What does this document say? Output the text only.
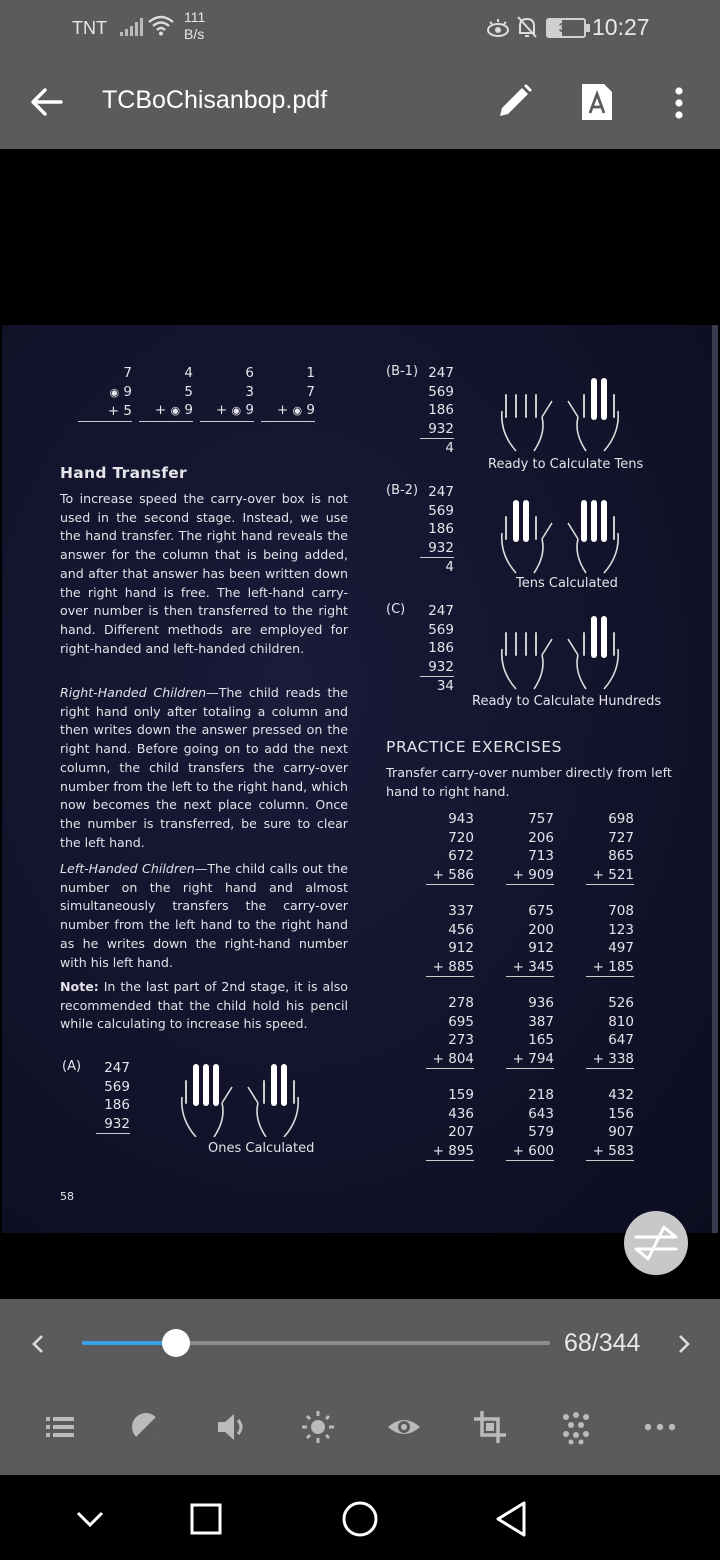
TNT
111
B/s	39 10:27
TCBoChisanbop.pdf
7
◉ 9
+ 5
4
5
+ ◉ 9
6
3
+ ◉ 9
1
7
+ ◉ 9
Hand Transfer
To increase speed the carry-over box is not used in the second stage. Instead, we use the hand transfer. The right hand reveals the answer for the column that is being added, and after that answer has been written down the right hand is free. The left-hand carry-over number is then transferred to the right hand. Different methods are employed for right-handed and left-handed children.
Right-Handed Children—The child reads the right hand only after totaling a column and then writes down the answer pressed on the right hand. Before going on to add the next column, the child transfers the carry-over number from the left to the right hand, which now becomes the next place column. Once the number is transferred, be sure to clear the left hand.
Left-Handed Children—The child calls out the number on the right hand and almost simultaneously transfers the carry-over number from the left hand to the right hand as he writes down the right-hand number with his left hand.
Note: In the last part of 2nd stage, it is also recommended that the child hold his pencil while calculating to increase his speed.
(A)	247
569
186
932
Ones Calculated
(B-1) 247
569
186
932
4
Ready to Calculate Tens
(B-2) 247
569
186
932
4
Tens Calculated
(C)	247
569
186
932
34
Ready to Calculate Hundreds
PRACTICE EXERCISES
Transfer carry-over number directly from left hand to right hand.
943
720
672
+ 586
757
206
713
+ 909
698
727
865
+ 521
337
456
912
+ 885
675
200
912
+ 345
708
123
497
+ 185
278
695
273
+ 804
936
387
165
+ 794
526
810
647
+ 338
159
436
207
+ 895
218
643
579
+ 600
432
156
907
+ 583
58
68/344
